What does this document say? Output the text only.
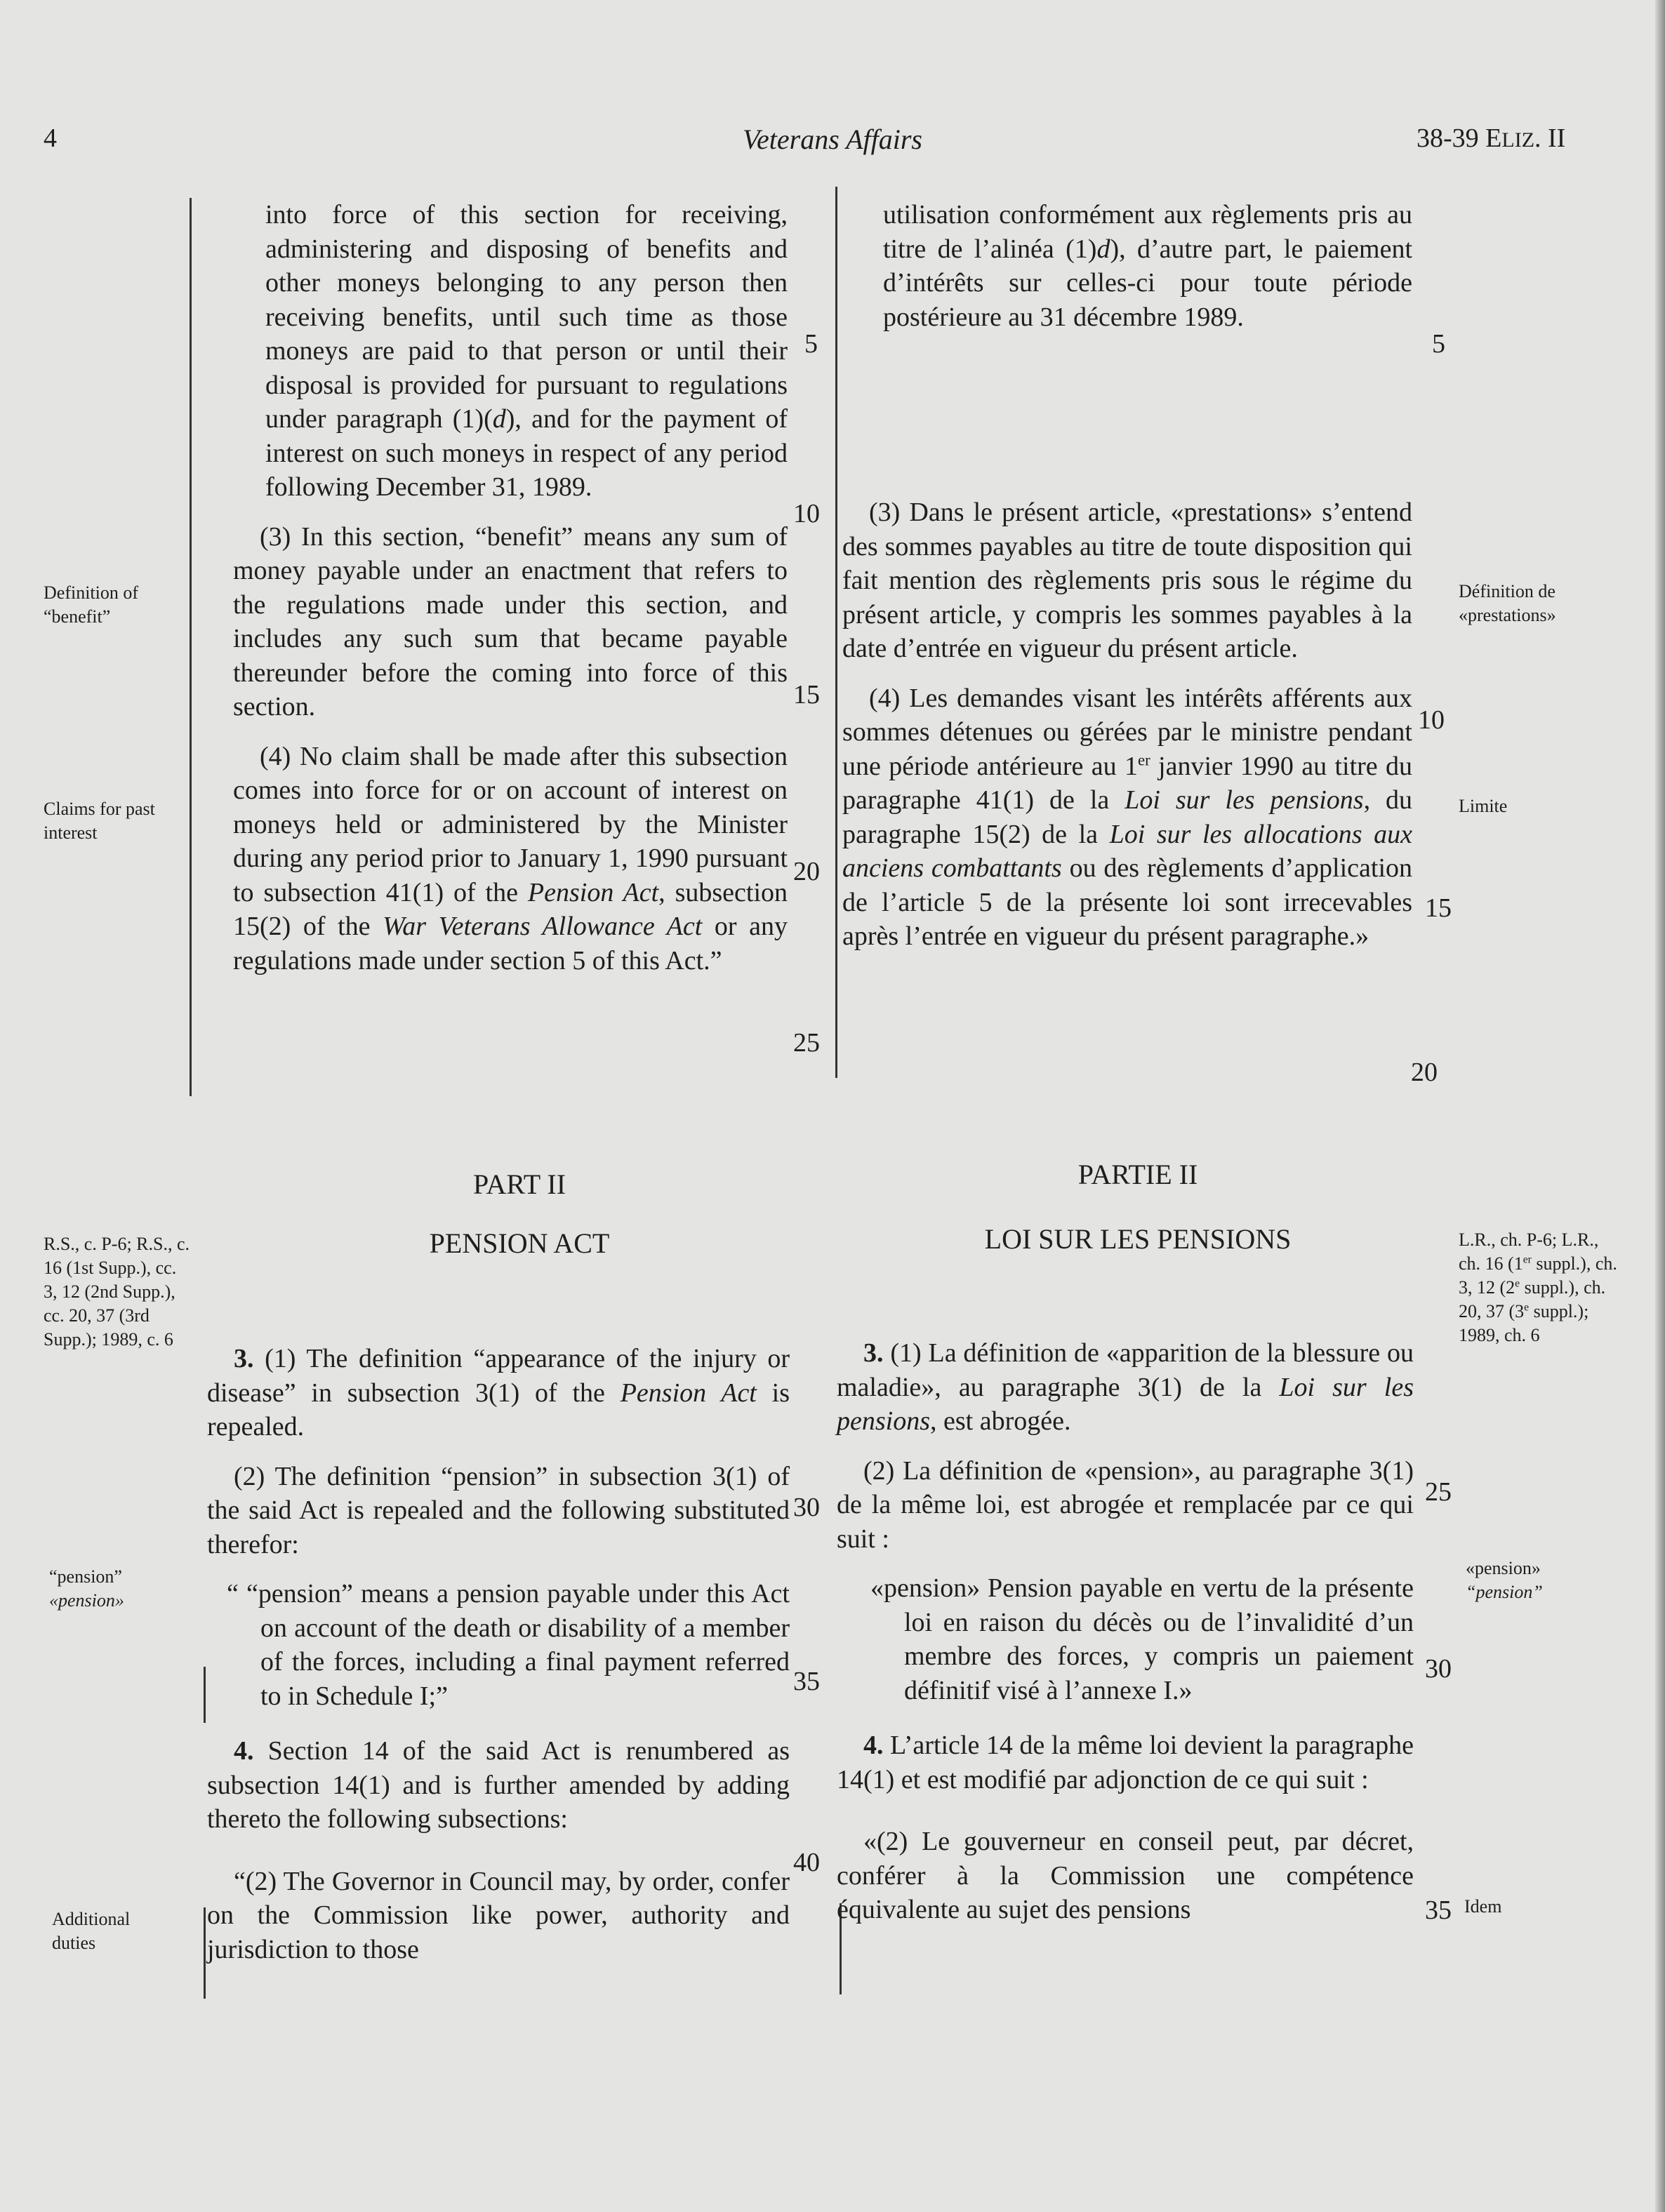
4	Veterans Affairs	38-39 ELIZ. II

into force of this section for receiving, administering and disposing of benefits and other moneys belonging to any person then receiving benefits, until such time as those moneys are paid to that person or until their disposal is provided for pursuant to regulations under paragraph (1)(d), and for the payment of interest on such moneys in respect of any period following December 31, 1989.

(3) In this section, “benefit” means any sum of money payable under an enactment that refers to the regulations made under this section, and includes any such sum that became payable thereunder before the coming into force of this section.

(4) No claim shall be made after this subsection comes into force for or on account of interest on moneys held or administered by the Minister during any period prior to January 1, 1990 pursuant to subsection 41(1) of the Pension Act, subsection 15(2) of the War Veterans Allowance Act or any regulations made under section 5 of this Act.”

PART II
PENSION ACT

3. (1) The definition “appearance of the injury or disease” in subsection 3(1) of the Pension Act is repealed.

(2) The definition “pension” in subsection 3(1) of the said Act is repealed and the following substituted therefor:

“ “pension” means a pension payable under this Act on account of the death or disability of a member of the forces, including a final payment referred to in Schedule I;”

4. Section 14 of the said Act is renumbered as subsection 14(1) and is further amended by adding thereto the following subsections:

“(2) The Governor in Council may, by order, confer on the Commission like power, authority and jurisdiction to those

utilisation conformément aux règlements pris au titre de l’alinéa (1)d), d’autre part, le paiement d’intérêts sur celles-ci pour toute période postérieure au 31 décembre 1989.

(3) Dans le présent article, «prestations» s’entend des sommes payables au titre de toute disposition qui fait mention des règlements pris sous le régime du présent article, y compris les sommes payables à la date d’entrée en vigueur du présent article.

(4) Les demandes visant les intérêts afférents aux sommes détenues ou gérées par le ministre pendant une période antérieure au 1er janvier 1990 au titre du paragraphe 41(1) de la Loi sur les pensions, du paragraphe 15(2) de la Loi sur les allocations aux anciens combattants ou des règlements d’application de l’article 5 de la présente loi sont irrecevables après l’entrée en vigueur du présent paragraphe.»

PARTIE II
LOI SUR LES PENSIONS

3. (1) La définition de «apparition de la blessure ou maladie», au paragraphe 3(1) de la Loi sur les pensions, est abrogée.

(2) La définition de «pension», au paragraphe 3(1) de la même loi, est abrogée et remplacée par ce qui suit :

«pension» Pension payable en vertu de la présente loi en raison du décès ou de l’invalidité d’un membre des forces, y compris un paiement définitif visé à l’annexe I.»

4. L’article 14 de la même loi devient la paragraphe 14(1) et est modifié par adjonction de ce qui suit :

«(2) Le gouverneur en conseil peut, par décret, conférer à la Commission une compétence équivalente au sujet des pensions

Definition of
“benefit”
Claims for past
interest
R.S., c. P-6; R.S., c. 16 (1st Supp.), cc. 3, 12 (2nd Supp.), cc. 20, 37 (3rd Supp.); 1989, c. 6
“pension”
«pension»
Additional
duties
Définition de
«prestations»
Limite
L.R., ch. P-6; L.R., ch. 16 (1er suppl.), ch. 3, 12 (2e suppl.), ch. 20, 37 (3e suppl.); 1989, ch. 6
«pension»
“pension”
Idem
5
10
15
20
25
30
35
40
5
10
15
20
25
30
35
